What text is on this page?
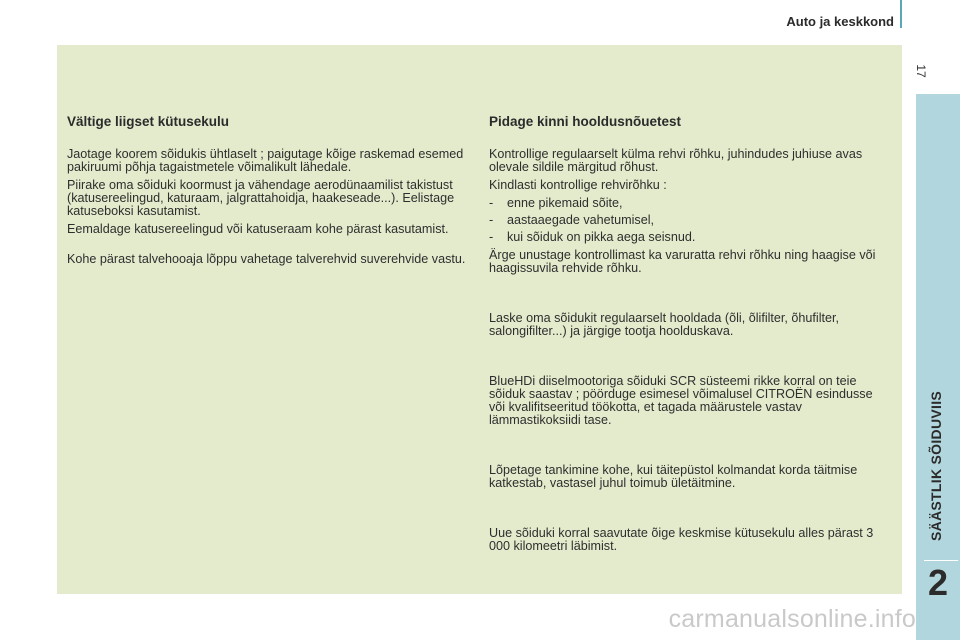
Auto ja keskkond
17
Vältige liigset kütusekulu

Jaotage koorem sõidukis ühtlaselt ; paigutage kõige raskemad esemed pakiruumi põhja tagaistmetele võimalikult lähedale.

Piirake oma sõiduki koormust ja vähendage aerodünaamilist takistust (katusereelingud, katuraam, jalgrattahoidja, haakeseade...). Eelistage katuseboksi kasutamist.

Eemaldage katusereelingud või katuseraam kohe pärast kasutamist.

Kohe pärast talvehooaja lõppu vahetage talverehvid suverehvide vastu.

Pidage kinni hooldusnõuetest

Kontrollige regulaarselt külma rehvi rõhku, juhindudes juhiuse avas olevale sildile märgitud rõhust.

Kindlasti kontrollige rehvirõhku :

-	enne pikemaid sõite,
-	aastaaegade vahetumisel,
-	kui sõiduk on pikka aega seisnud.

Ärge unustage kontrollimast ka varuratta rehvi rõhku ning haagise või haagissuvila rehvide rõhku.

Laske oma sõidukit regulaarselt hooldada (õli, õlifilter, õhufilter, salongifilter...) ja järgige tootja hoolduskava.

BlueHDi diiselmootoriga sõiduki SCR süsteemi rikke korral on teie sõiduk saastav ; pöörduge esimesel võimalusel CITROËN esindusse või kvalifitseeritud töökotta, et tagada määrustele vastav lämmastikoksiidi tase.

Lõpetage tankimine kohe, kui täitepüstol kolmandat korda täitmise katkestab, vastasel juhul toimub ületäitmine.

Uue sõiduki korral saavutate õige keskmise kütusekulu alles pärast 3 000 kilomeetri läbimist.

SÄÄSTLIK SÕIDUVIIS
2
carmanualsonline.info
